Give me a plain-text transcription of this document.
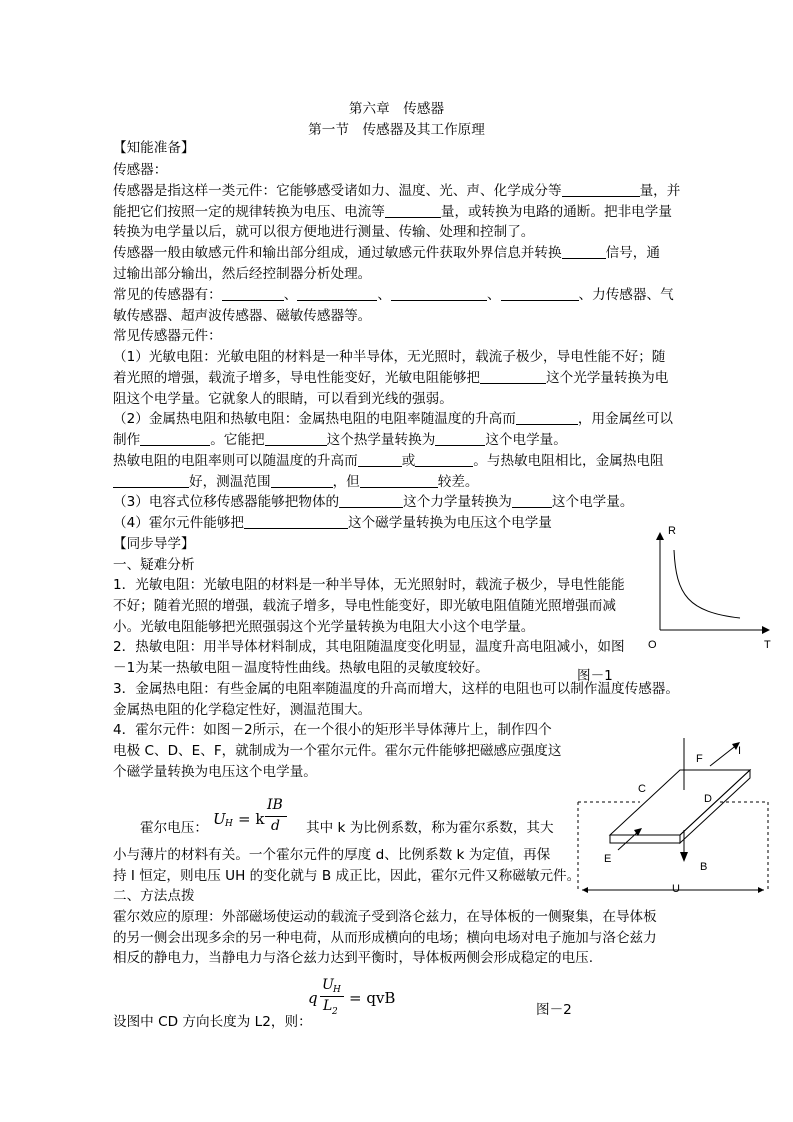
第六章　传感器
第一节　传感器及其工作原理
【知能准备】
传感器：
传感器是指这样一类元件：它能够感受诸如力、温度、光、声、化学成分等	量，并
能把它们按照一定的规律转换为电压、电流等	量，或转换为电路的通断。把非电学量
转换为电学量以后，就可以很方便地进行测量、传输、处理和控制了。
传感器一般由敏感元件和输出部分组成，通过敏感元件获取外界信息并转换	信号，通
过输出部分输出，然后经控制器分析处理。
常见的传感器有：	、	、	、	、力传感器、气
敏传感器、超声波传感器、磁敏传感器等。
常见传感器元件：
（1）光敏电阻：光敏电阻的材料是一种半导体，无光照时，载流子极少，导电性能不好；随
着光照的增强，载流子增多，导电性能变好，光敏电阻能够把	这个光学量转换为电
阻这个电学量。它就象人的眼睛，可以看到光线的强弱。
（2）金属热电阻和热敏电阻：金属热电阻的电阻率随温度的升高而	，用金属丝可以
制作	。它能把	这个热学量转换为	这个电学量。
热敏电阻的电阻率则可以随温度的升高而	或	。与热敏电阻相比，金属热电阻
好，测温范围	，但	较差。
（3）电容式位移传感器能够把物体的	这个力学量转换为	这个电学量。
（4）霍尔元件能够把	这个磁学量转换为电压这个电学量
【同步导学】
一、疑难分析
1．光敏电阻：光敏电阻的材料是一种半导体，无光照射时，载流子极少，导电性能能
不好；随着光照的增强，载流子增多，导电性能变好，即光敏电阻值随光照增强而减
小。光敏电阻能够把光照强弱这个光学量转换为电阻大小这个电学量。
2．热敏电阻：用半导体材料制成，其电阻随温度变化明显，温度升高电阻减小，如图
－1为某一热敏电阻－温度特性曲线。热敏电阻的灵敏度较好。
3．金属热电阻：有些金属的电阻率随温度的升高而增大，这样的电阻也可以制作温度传感器。
金属热电阻的化学稳定性好，测温范围大。
4．霍尔元件：如图－2所示，在一个很小的矩形半导体薄片上，制作四个
电极 C、D、E、F，就制成为一个霍尔元件。霍尔元件能够把磁感应强度这
个磁学量转换为电压这个电学量。
霍尔电压： U H = k
IB
d 其中 k 为比例系数，称为霍尔系数，其大
小与薄片的材料有关。一个霍尔元件的厚度 d、比例系数 k 为定值，再保
持 I 恒定，则电压 UH 的变化就与 B 成正比，因此，霍尔元件又称磁敏元件。
二、方法点拨
霍尔效应的原理：外部磁场使运动的载流子受到洛仑兹力，在导体板的一侧聚集，在导体板
的另一侧会出现多余的另一种电荷，从而形成横向的电场；横向电场对电子施加与洛仑兹力
相反的静电力，当静电力与洛仑兹力达到平衡时，导体板两侧会形成稳定的电压.
q
U H
L 2
= qvB
设图中 CD 方向长度为 L2，则：
R
T
O
图－1
F
I
C
D
E
B
U
图－2
